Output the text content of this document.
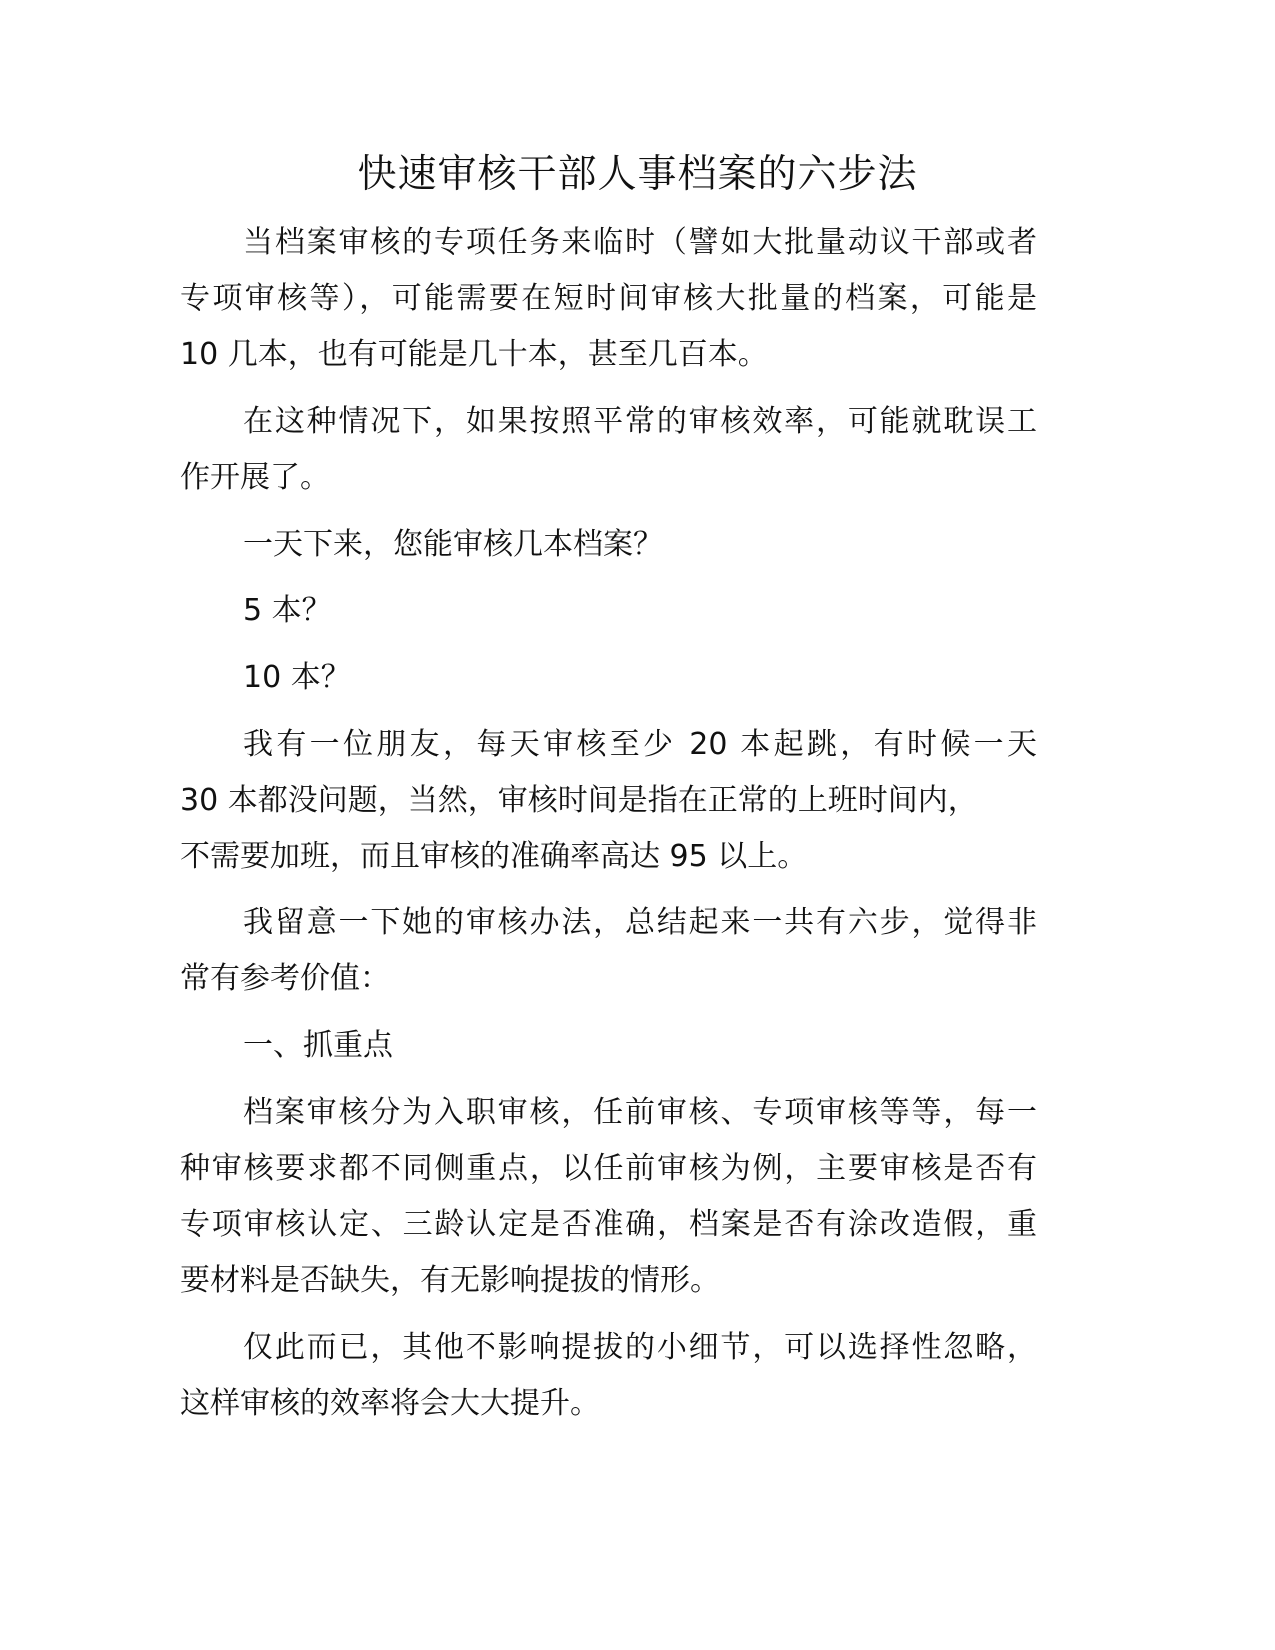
快速审核干部人事档案的六步法

当档案审核的专项任务来临时（譬如大批量动议干部或者

专项审核等），可能需要在短时间审核大批量的档案，可能是

10 几本，也有可能是几十本，甚至几百本。

在这种情况下，如果按照平常的审核效率，可能就耽误工

作开展了。

一天下来，您能审核几本档案？

5 本？

10 本？

我有一位朋友，每天审核至少 20 本起跳，有时候一天

30 本都没问题，当然，审核时间是指在正常的上班时间内，

不需要加班，而且审核的准确率高达 95 以上。

我留意一下她的审核办法，总结起来一共有六步，觉得非

常有参考价值：

一、抓重点

档案审核分为入职审核，任前审核、专项审核等等，每一

种审核要求都不同侧重点，以任前审核为例，主要审核是否有

专项审核认定、三龄认定是否准确，档案是否有涂改造假，重

要材料是否缺失，有无影响提拔的情形。

仅此而已，其他不影响提拔的小细节，可以选择性忽略，

这样审核的效率将会大大提升。
